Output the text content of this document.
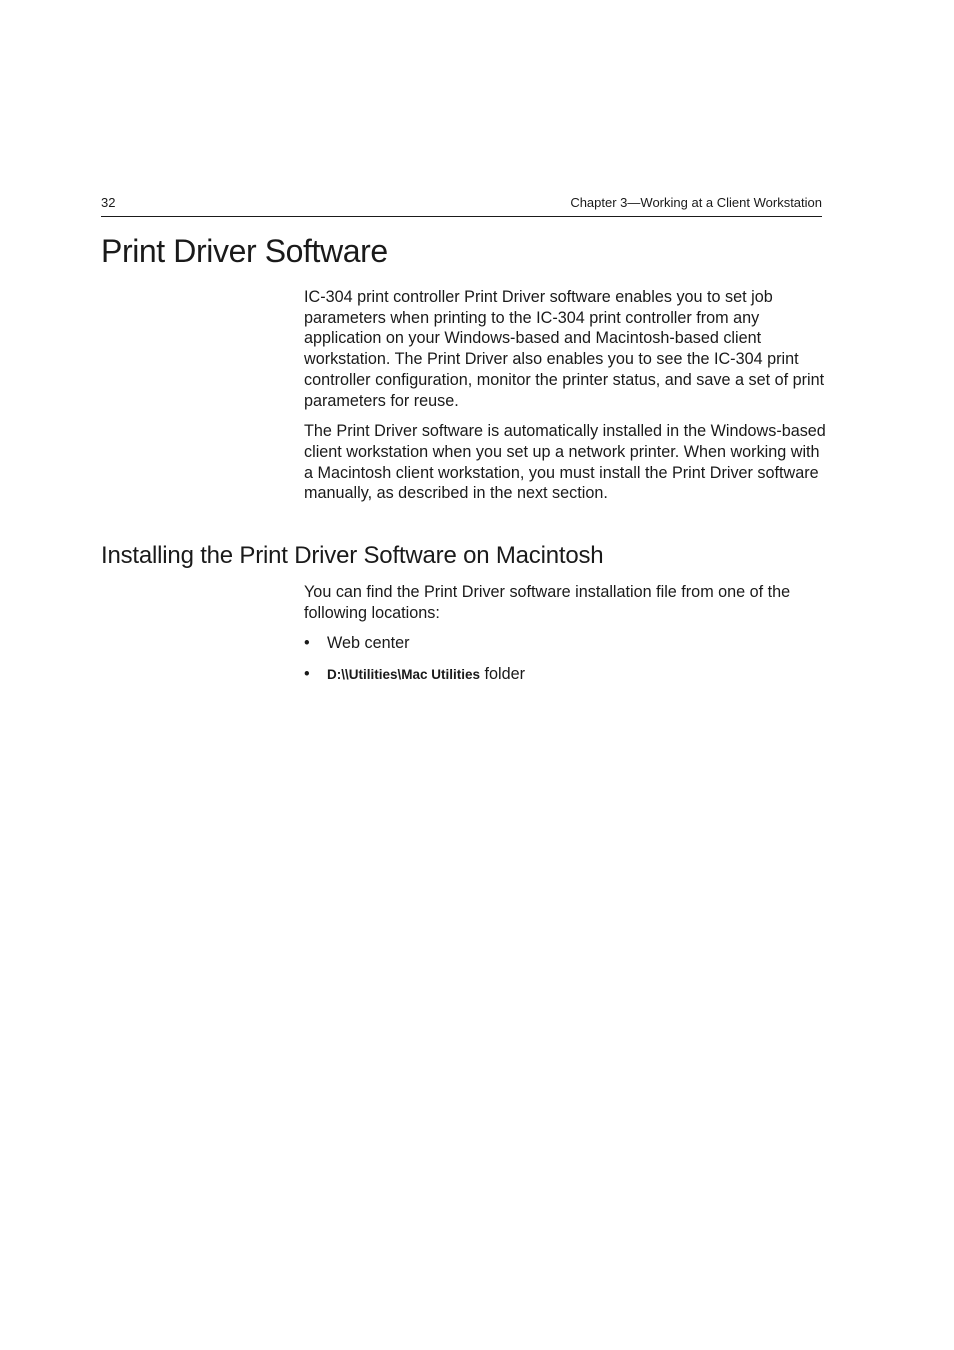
32	Chapter 3—Working at a Client Workstation
Print Driver Software

IC-304 print controller Print Driver software enables you to set job parameters when printing to the IC-304 print controller from any application on your Windows-based and Macintosh-based client workstation. The Print Driver also enables you to see the IC-304 print controller configuration, monitor the printer status, and save a set of print parameters for reuse.

The Print Driver software is automatically installed in the Windows-based client workstation when you set up a network printer. When working with a Macintosh client workstation, you must install the Print Driver software manually, as described in the next section.

Installing the Print Driver Software on Macintosh

You can find the Print Driver software installation file from one of the following locations:

• Web center
• D:\\Utilities\Mac Utilities folder
